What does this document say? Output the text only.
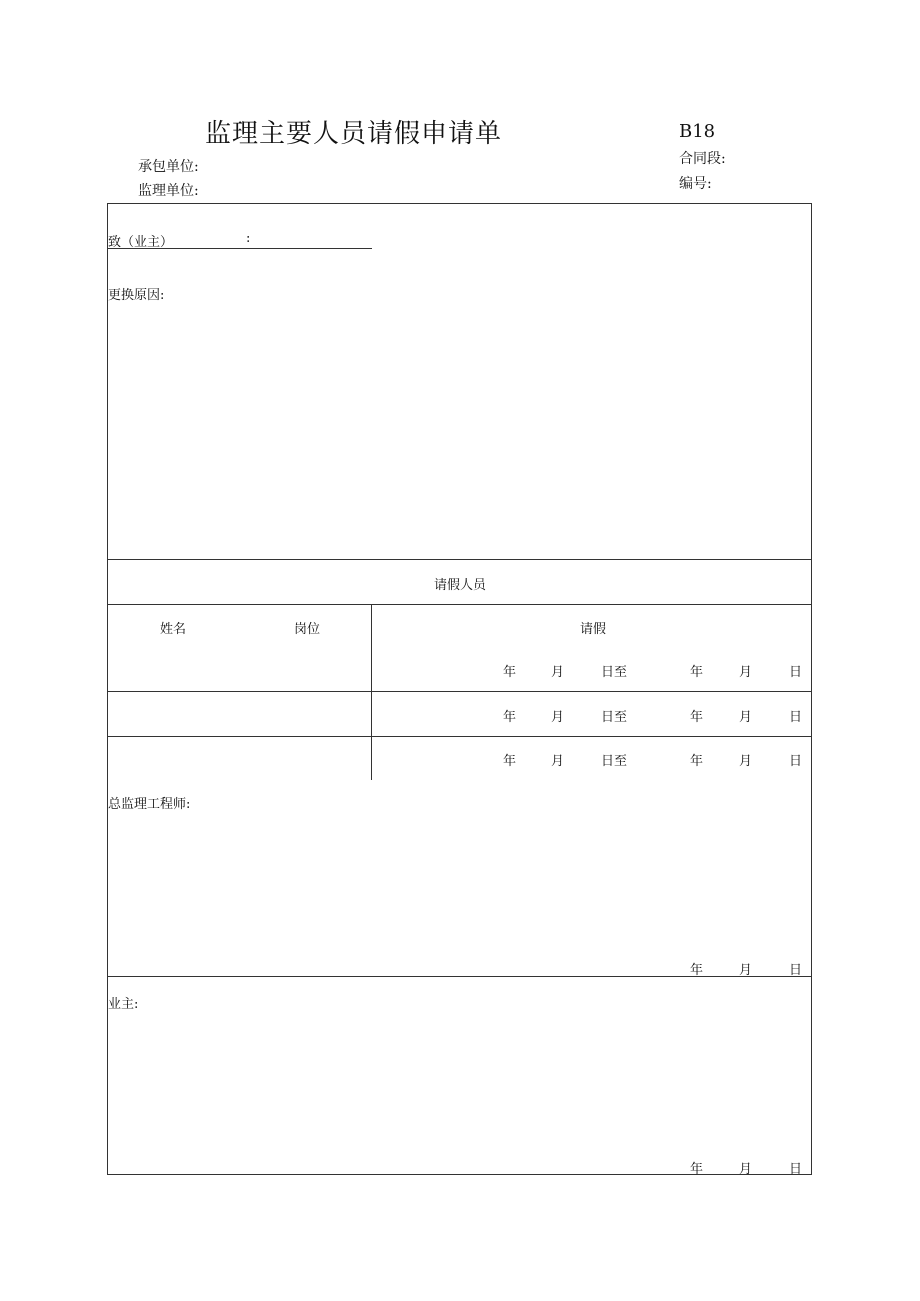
监理主要人员请假申请单	B18
承包单位:
监理单位:
合同段:
编号:
致（业主）	:
更换原因:
请假人员
姓名	岗位	请假
年	月	日至	年	月	日
年	月	日至	年	月	日
年	月	日至	年	月	日
总监理工程师:
年	月	日
业主:
年	月	日
